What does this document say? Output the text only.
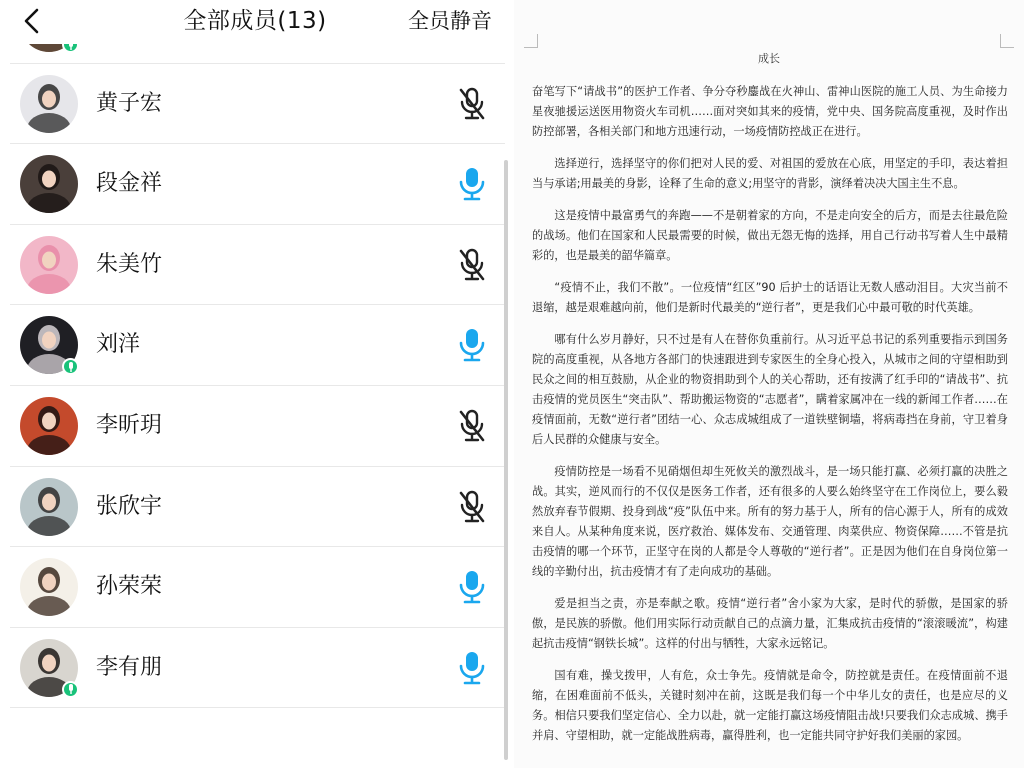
全部成员(13)	全员静音
黄子宏
段金祥
朱美竹
刘洋
李昕玥
张欣宇
孙荣荣
李有朋
成长

奋笔写下“请战书”的医护工作者、争分夺秒鏖战在火神山、雷神山医院的施工人员、为生命接力星夜驰援运送医用物资火车司机……面对突如其来的疫情，党中央、国务院高度重视，及时作出防控部署，各相关部门和地方迅速行动，一场疫情防控战正在进行。

选择逆行，选择坚守的你们把对人民的爱、对祖国的爱放在心底，用坚定的手印，表达着担当与承诺;用最美的身影，诠释了生命的意义;用坚守的背影，演绎着决决大国主生不息。

这是疫情中最富勇气的奔跑——不是朝着家的方向，不是走向安全的后方，而是去往最危险的战场。他们在国家和人民最需要的时候，做出无怨无悔的选择，用自己行动书写着人生中最精彩的，也是最美的韶华篇章。

“疫情不止，我们不散”。一位疫情“红区”90 后护士的话语让无数人感动泪目。大灾当前不退缩，越是艰难越向前，他们是新时代最美的“逆行者”，更是我们心中最可敬的时代英雄。

哪有什么岁月静好，只不过是有人在替你负重前行。从习近平总书记的系列重要指示到国务院的高度重视，从各地方各部门的快速跟进到专家医生的全身心投入，从城市之间的守望相助到民众之间的相互鼓励，从企业的物资捐助到个人的关心帮助，还有按满了红手印的“请战书”、抗击疫情的党员医生“突击队”、帮助搬运物资的“志愿者”，瞒着家属冲在一线的新闻工作者……在疫情面前，无数“逆行者”团结一心、众志成城组成了一道铁壁铜墙，将病毒挡在身前，守卫着身后人民群的众健康与安全。

疫情防控是一场看不见硝烟但却生死攸关的激烈战斗，是一场只能打赢、必须打赢的决胜之战。其实，逆风而行的不仅仅是医务工作者，还有很多的人要么始终坚守在工作岗位上，要么毅然放弃春节假期、投身到战“疫”队伍中来。所有的努力基于人，所有的信心源于人，所有的成效来自人。从某种角度来说，医疗救治、媒体发布、交通管理、肉菜供应、物资保障……不管是抗击疫情的哪一个环节，正坚守在岗的人都是令人尊敬的“逆行者”。正是因为他们在自身岗位第一线的辛勤付出，抗击疫情才有了走向成功的基础。

爱是担当之责，亦是奉献之歌。疫情“逆行者”舍小家为大家，是时代的骄傲，是国家的骄傲，是民族的骄傲。他们用实际行动贡献自己的点滴力量，汇集成抗击疫情的“滚滚暖流”，构建起抗击疫情“钢铁长城”。这样的付出与牺牲，大家永远铭记。

国有难，操戈拨甲，人有危，众士争先。疫情就是命令，防控就是责任。在疫情面前不退缩，在困难面前不低头，关键时刻冲在前，这既是我们每一个中华儿女的责任，也是应尽的义务。相信只要我们坚定信心、全力以赴，就一定能打赢这场疫情阻击战!只要我们众志成城、携手并肩、守望相助，就一定能战胜病毒，赢得胜利，也一定能共同守护好我们美丽的家园。
